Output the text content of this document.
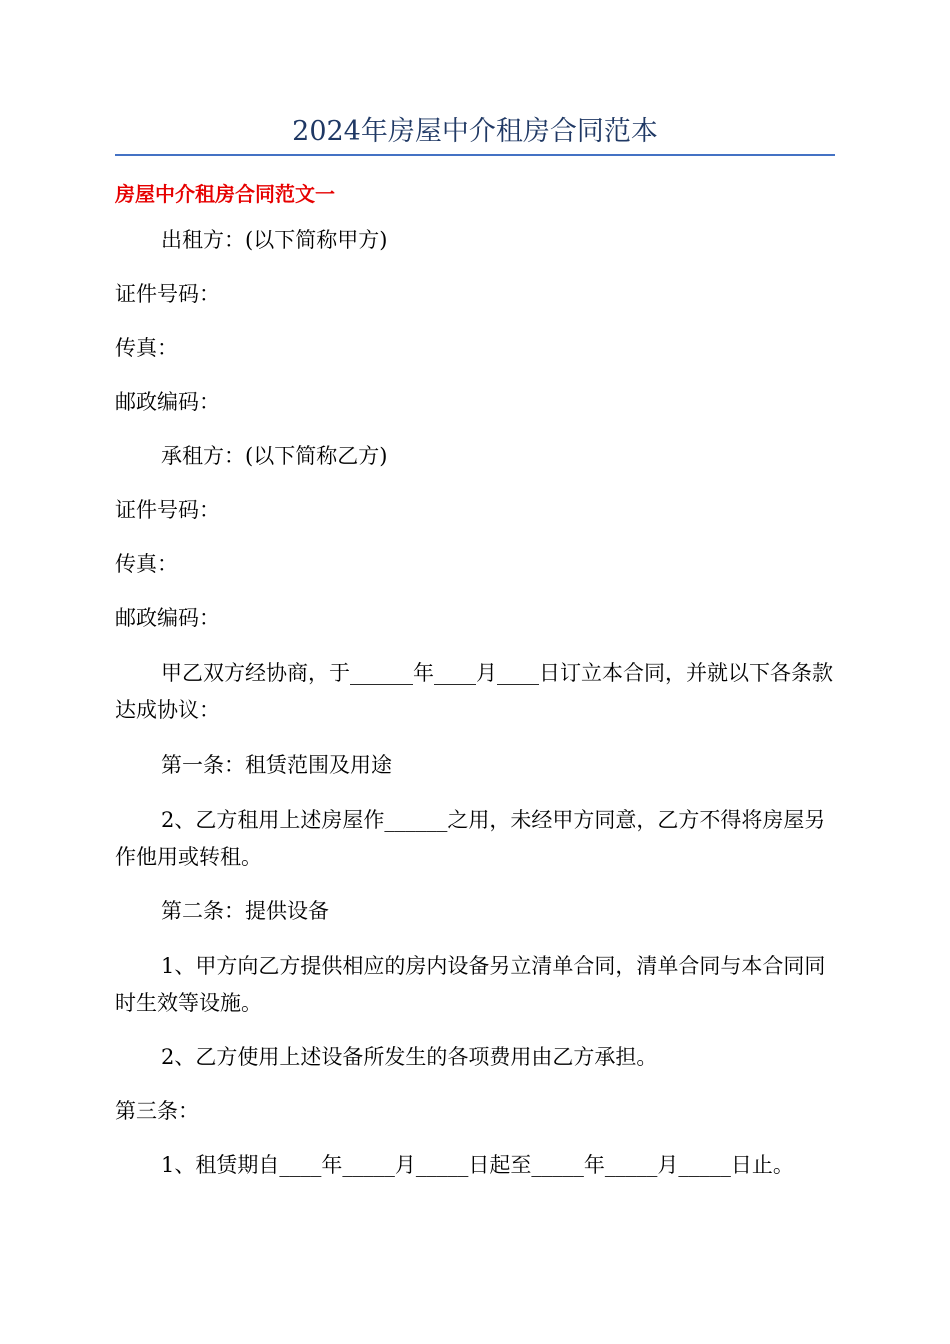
2024年房屋中介租房合同范本
房屋中介租房合同范文一
出租方：(以下简称甲方)
证件号码：
传真：
邮政编码：
承租方：(以下简称乙方)
证件号码：
传真：
邮政编码：
甲乙双方经协商，于______年____月____日订立本合同，并就以下各条款达成协议：
第一条：租赁范围及用途
2、乙方租用上述房屋作______之用，未经甲方同意，乙方不得将房屋另作他用或转租。
第二条：提供设备
1、甲方向乙方提供相应的房内设备另立清单合同，清单合同与本合同同时生效等设施。
2、乙方使用上述设备所发生的各项费用由乙方承担。
第三条：
1、租赁期自____年_____月_____日起至_____年_____月_____日止。
